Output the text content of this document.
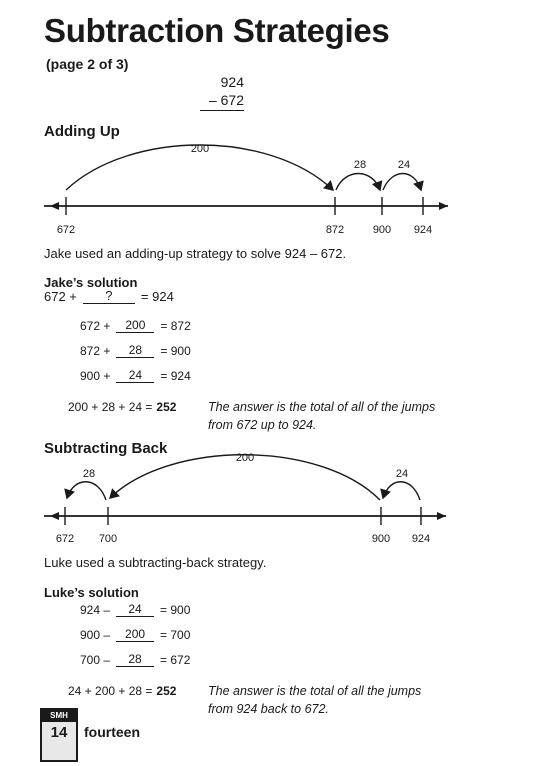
Subtraction Strategies
(page 2 of 3)
924
– 672
Adding Up
672	872	900 924
200
28	24
672 700	900 924
28
200
24
Jake used an adding-up strategy to solve 924 – 672.
Jake’s solution
672 +	?	= 924
672 +	200	= 872
872 +	28	= 900
900 +	24	= 924
200 + 28 + 24 = 252	The answer is the total of all of the jumps
from 672 up to 924.
Subtracting Back
Luke used a subtracting-back strategy.
Luke’s solution
924 –	24	= 900
900 –	200	= 700
700 –	28	= 672
24 + 200 + 28 = 252	The answer is the total of all the jumps
from 924 back to 672.
SMH
14	fourteen
